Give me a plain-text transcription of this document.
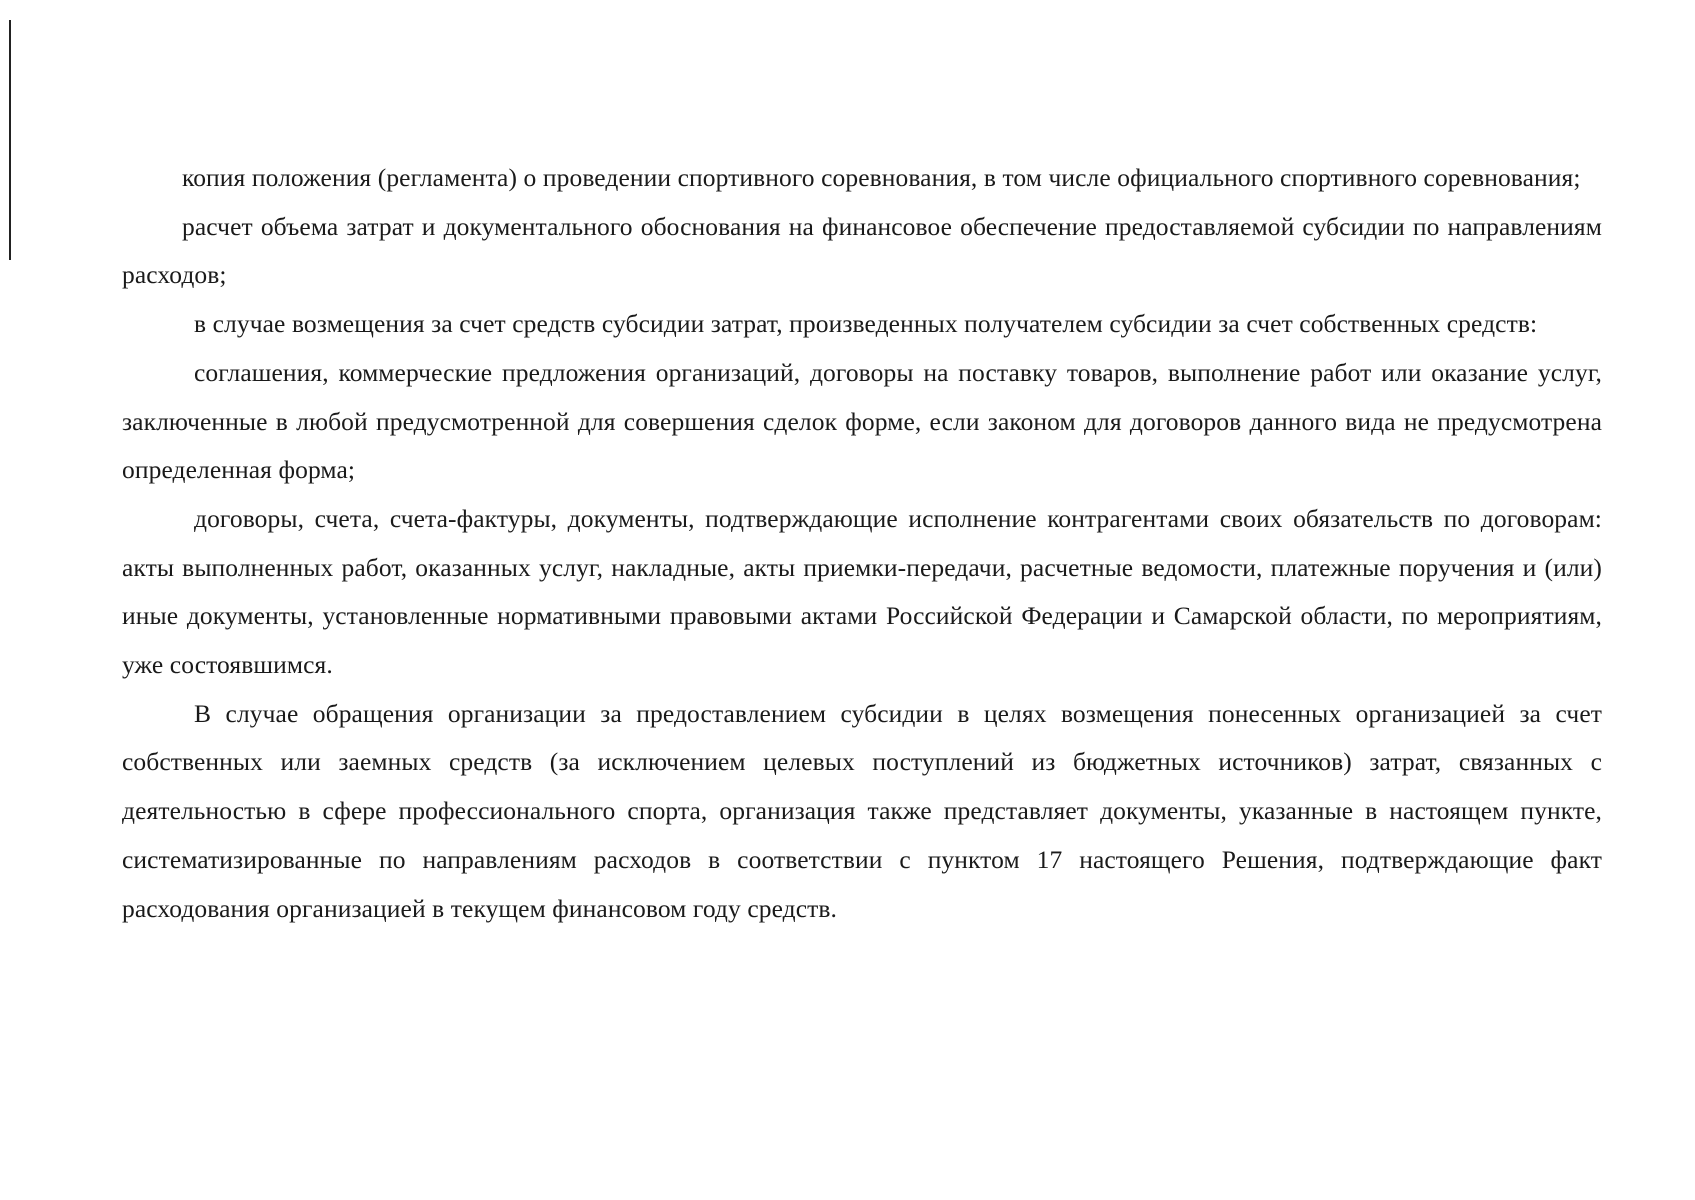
копия положения (регламента) о проведении спортивного соревнования, в том числе официального спортивного соревнования;

расчет объема затрат и документального обоснования на финансовое обеспечение предоставляемой субсидии по направлениям расходов;

в случае возмещения за счет средств субсидии затрат, произведенных получателем субсидии за счет собственных средств:

соглашения, коммерческие предложения организаций, договоры на поставку товаров, выполнение работ или оказание услуг, заключенные в любой предусмотренной для совершения сделок форме, если законом для договоров данного вида не предусмотрена определенная форма;

договоры, счета, счета-фактуры, документы, подтверждающие исполнение контрагентами своих обязательств по договорам: акты выполненных работ, оказанных услуг, накладные, акты приемки-передачи, расчетные ведомости, платежные поручения и (или) иные документы, установленные нормативными правовыми актами Российской Федерации и Самарской области, по мероприятиям, уже состоявшимся.

В случае обращения организации за предоставлением субсидии в целях возмещения понесенных организацией за счет собственных или заемных средств (за исключением целевых поступлений из бюджетных источников) затрат, связанных с деятельностью в сфере профессионального спорта, организация также представляет документы, указанные в настоящем пункте, систематизированные по направлениям расходов в соответствии с пунктом 17 настоящего Решения, подтверждающие факт расходования организацией в текущем финансовом году средств.
